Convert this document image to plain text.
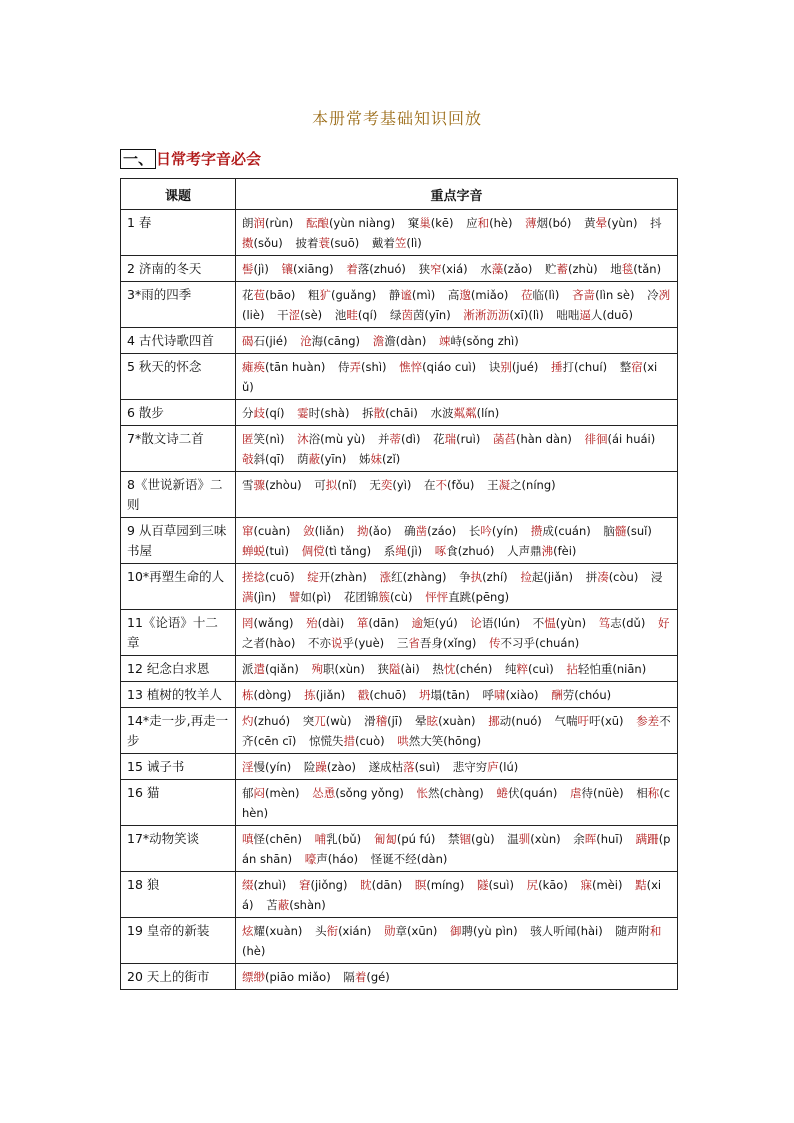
本册常考基础知识回放
一、 日常考字音必会
课题	重点字音
1 春	朗润(rùn) 酝酿(yùn niàng) 窠巢(kē) 应和(hè) 薄烟(bó) 黄晕(yùn) 抖擞(sǒu) 披着蓑(suō) 戴着笠(lì)
2 济南的冬天	髻(jì) 镶(xiāng) 着落(zhuó) 狭窄(xiá) 水藻(zǎo) 贮蓄(zhù) 地毯(tǎn)
3*雨的四季	花苞(bāo) 粗犷(guǎng) 静谧(mì) 高邈(miǎo) 莅临(lì) 吝啬(lìn sè) 冷冽(liè) 干涩(sè) 池畦(qí) 绿茵茵(yīn) 淅淅沥沥(xī)(lì) 咄咄逼人(duō)
4 古代诗歌四首	碣石(jié) 沧海(cāng) 澹澹(dàn) 竦峙(sǒng zhì)
5 秋天的怀念	瘫痪(tān huàn) 侍弄(shì) 憔悴(qiáo cuì) 诀别(jué) 捶打(chuí) 整宿(xiǔ)
6 散步	分歧(qí) 霎时(shà) 拆散(chāi) 水波粼粼(lín)
7*散文诗二首	匿笑(nì) 沐浴(mù yù) 并蒂(dì) 花瑞(ruì) 菡萏(hàn dàn) 徘徊(ái huái) 攲斜(qī) 荫蔽(yīn) 姊妹(zǐ)
8《世说新语》二则	雪骤(zhòu) 可拟(nǐ) 无奕(yì) 在不(fǒu) 王凝之(níng)
9 从百草园到三味书屋	窜(cuàn) 敛(liǎn) 拗(ǎo) 确凿(záo) 长吟(yín) 攒成(cuán) 脑髓(suǐ) 蝉蜕(tuì) 倜傥(tì tǎng) 系绳(jì) 啄食(zhuó) 人声鼎沸(fèi)
10*再塑生命的人	搓捻(cuō) 绽开(zhàn) 涨红(zhàng) 争执(zhí) 捡起(jiǎn) 拼凑(còu) 浸满(jìn) 譬如(pì) 花团锦簇(cù) 怦怦直跳(pēng)
11《论语》十二章	罔(wǎng) 殆(dài) 箪(dān) 逾矩(yú) 论语(lún) 不愠(yùn) 笃志(dǔ) 好之者(hào) 不亦说乎(yuè) 三省吾身(xǐng) 传不习乎(chuán)
12 纪念白求恩	派遣(qiǎn) 殉职(xùn) 狭隘(ài) 热忱(chén) 纯粹(cuì) 拈轻怕重(niān)
13 植树的牧羊人	栋(dòng) 拣(jiǎn) 戳(chuō) 坍塌(tān) 呼啸(xiào) 酬劳(chóu)
14*走一步,再走一步	灼(zhuó) 突兀(wù) 滑稽(jī) 晕眩(xuàn) 挪动(nuó) 气喘吁吁(xū) 参差不齐(cēn cī) 惊慌失措(cuò) 哄然大笑(hōng)
15 诫子书	淫慢(yín) 险躁(zào) 遂成枯落(suì) 悲守穷庐(lú)
16 猫	郁闷(mèn) 怂恿(sǒng yǒng) 怅然(chàng) 蜷伏(quán) 虐待(nüè) 相称(chèn)
17*动物笑谈	嗔怪(chēn) 哺乳(bǔ) 匍匐(pú fú) 禁锢(gù) 温驯(xùn) 余晖(huī) 蹒跚(pán shān) 嚎声(háo) 怪诞不经(dàn)
18 狼	缀(zhuì) 窘(jiǒng) 眈(dān) 瞑(míng) 隧(suì) 尻(kāo) 寐(mèi) 黠(xiá) 苫蔽(shàn)
19 皇帝的新装	炫耀(xuàn) 头衔(xián) 勋章(xūn) 御聘(yù pìn) 骇人听闻(hài) 随声附和(hè)
20 天上的街市	缥缈(piāo miǎo) 隔着(gé)
